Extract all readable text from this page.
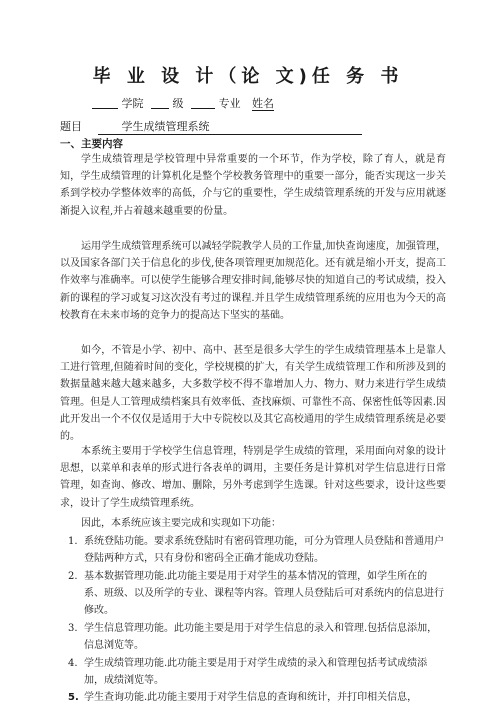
毕 业 设 计（论 文)任 务 书
学院	级	专业 姓名
题目	学生成绩管理系统
一、主要内容

学生成绩管理是学校管理中异常重要的一个环节，作为学校，除了育人，就是育知，学生成绩管理的计算机化是整个学校教务管理中的重要一部分，能否实现这一步关系到学校办学整体效率的高低，介与它的重要性，学生成绩管理系统的开发与应用就逐渐提入议程,并占着越来越重要的份量。

运用学生成绩管理系统可以减轻学院教学人员的工作量,加快查询速度，加强管理，以及国家各部门关于信息化的步伐,使各项管理更加规范化。还有就是缩小开支，提高工作效率与准确率。可以使学生能够合理安排时间,能够尽快的知道自己的考试成绩，投入新的课程的学习或复习这次没有考过的课程.并且学生成绩管理系统的应用也为今天的高校教育在未来市场的竞争力的提高达下坚实的基础。

如今，不管是小学、初中、高中、甚至是很多大学生的学生成绩管理基本上是靠人工进行管理,但随着时间的变化，学校规模的扩大，有关学生成绩管理工作和所涉及到的数据量越来越大越来越多，大多数学校不得不靠增加人力、物力、财力来进行学生成绩管理。但是人工管理成绩档案具有效率低、查找麻烦、可靠性不高、保密性低等因素.因此开发出一个不仅仅是适用于大中专院校以及其它高校通用的学生成绩管理系统是必要的。

本系统主要用于学校学生信息管理，特别是学生成绩的管理，采用面向对象的设计思想，以菜单和表单的形式进行各表单的调用，主要任务是计算机对学生信息进行日常管理，如查询、修改、增加、删除，另外考虑到学生选课。针对这些要求，设计这些要求，设计了学生成绩管理系统。

因此，本系统应该主要完成和实现如下功能：

1. 系统登陆功能。要求系统登陆时有密码管理功能，可分为管理人员登陆和普通用户登陆两种方式，只有身份和密码全正确才能成功登陆。
2. 基本数据管理功能.此功能主要是用于对学生的基本情况的管理，如学生所在的系、班级、以及所学的专业、课程等内容。管理人员登陆后可对系统内的信息进行修改。
3. 学生信息管理功能。此功能主要是用于对学生信息的录入和管理.包括信息添加，信息浏览等。
4. 学生成绩管理功能.此功能主要是用于对学生成绩的录入和管理包括考试成绩添加，成绩浏览等。
5. 学生查询功能.此功能主要用于对学生信息的查询和统计，并打印相关信息，
